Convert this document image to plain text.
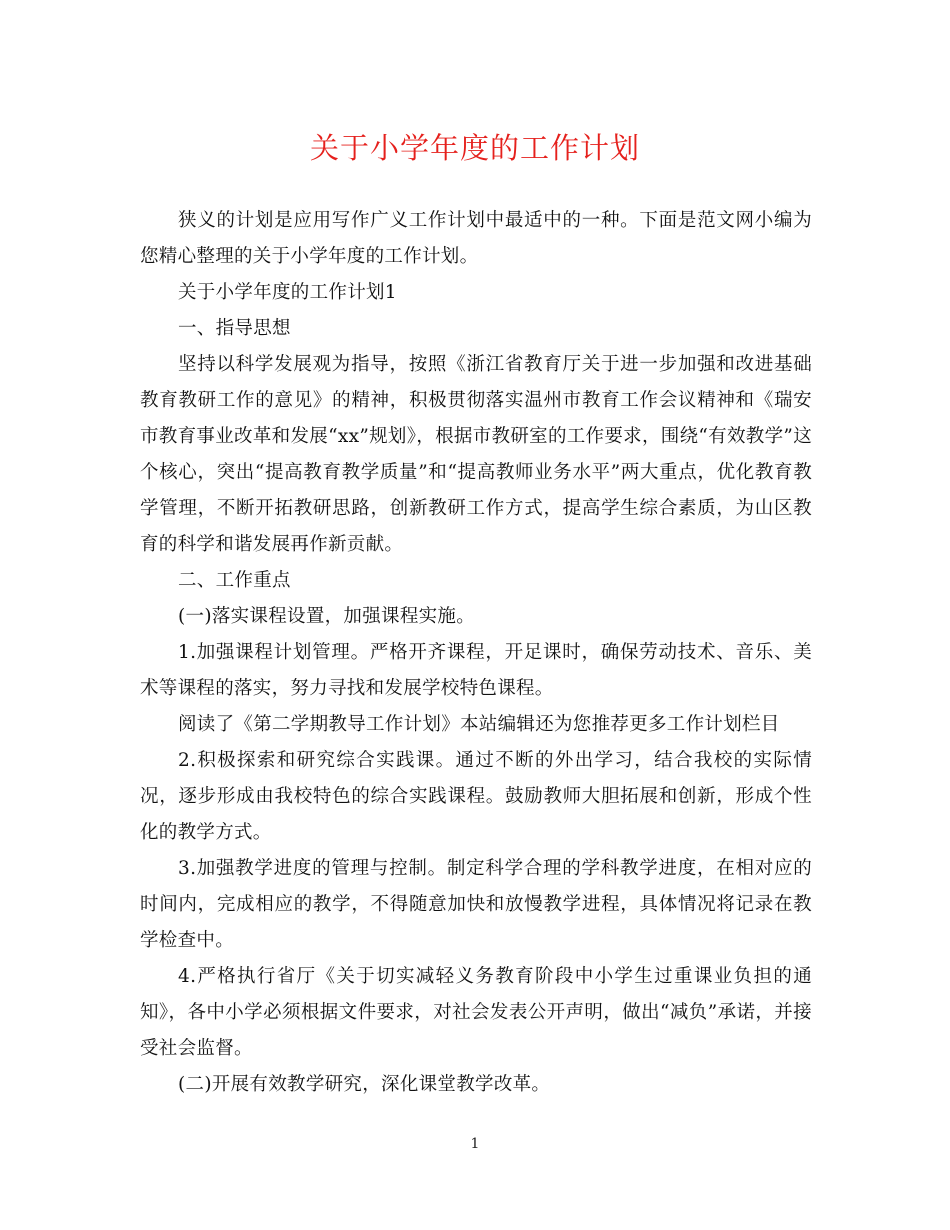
关于小学年度的工作计划

狭义的计划是应用写作广义工作计划中最适中的一种。下面是范文网小编为您精心整理的关于小学年度的工作计划。

关于小学年度的工作计划1

一、指导思想

坚持以科学发展观为指导，按照《浙江省教育厅关于进一步加强和改进基础教育教研工作的意见》的精神，积极贯彻落实温州市教育工作会议精神和《瑞安市教育事业改革和发展“xx”规划》，根据市教研室的工作要求，围绕“有效教学”这个核心，突出“提高教育教学质量”和“提高教师业务水平”两大重点，优化教育教学管理，不断开拓教研思路，创新教研工作方式，提高学生综合素质，为山区教育的科学和谐发展再作新贡献。

二、工作重点

(一)落实课程设置，加强课程实施。

1.加强课程计划管理。严格开齐课程，开足课时，确保劳动技术、音乐、美术等课程的落实，努力寻找和发展学校特色课程。

阅读了《第二学期教导工作计划》本站编辑还为您推荐更多工作计划栏目

2.积极探索和研究综合实践课。通过不断的外出学习，结合我校的实际情况，逐步形成由我校特色的综合实践课程。鼓励教师大胆拓展和创新，形成个性化的教学方式。

3.加强教学进度的管理与控制。制定科学合理的学科教学进度，在相对应的时间内，完成相应的教学，不得随意加快和放慢教学进程，具体情况将记录在教学检查中。

4.严格执行省厅《关于切实减轻义务教育阶段中小学生过重课业负担的通知》，各中小学必须根据文件要求，对社会发表公开声明，做出“减负”承诺，并接受社会监督。

(二)开展有效教学研究，深化课堂教学改革。

1
